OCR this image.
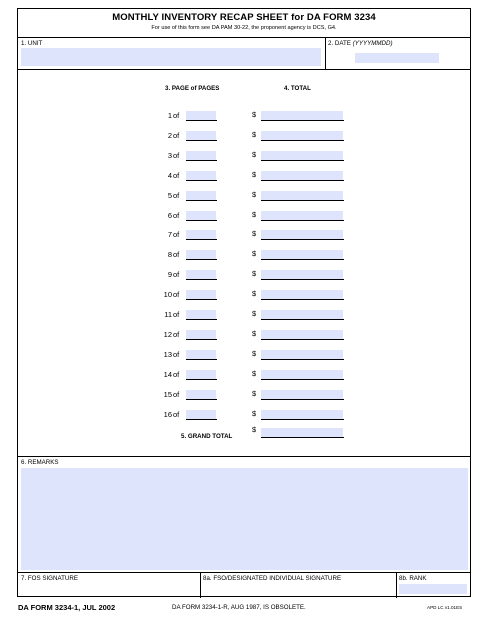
MONTHLY INVENTORY RECAP SHEET for DA FORM 3234
For use of this form see DA PAM 30-22, the proponent agency is DCS, G4.
1. UNIT	2. DATE (YYYYMMDD)
3. PAGE of PAGES	4. TOTAL
1 of	$
2 of	$
3 of	$
4 of	$
5 of	$
6 of	$
7 of	$
8 of	$
9 of	$
10 of	$
11 of	$
12 of	$
13 of	$
14 of	$
15 of	$
16 of	$
5. GRAND TOTAL
$
6. REMARKS
7. FOS SIGNATURE	8a. FSO/DESIGNATED INDIVIDUAL SIGNATURE	8b. RANK
DA FORM 3234-1, JUL 2002	DA FORM 3234-1-R, AUG 1987, IS OBSOLETE.	APD LC v1.01ES
